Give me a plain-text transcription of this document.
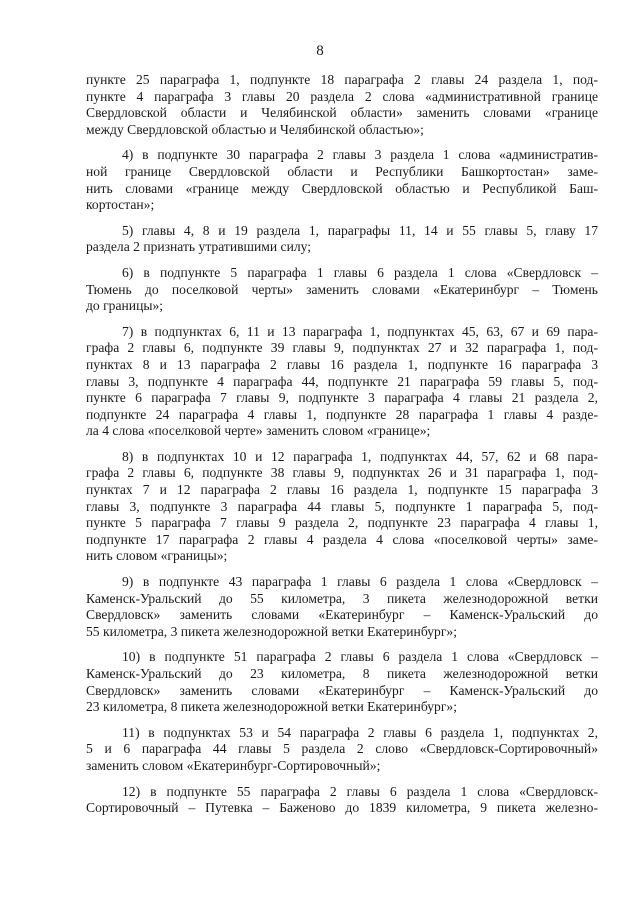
8

пункте 25 параграфа 1, подпункте 18 параграфа 2 главы 24 раздела 1, под-
пункте 4 параграфа 3 главы 20 раздела 2 слова «административной границе
Свердловской области и Челябинской области» заменить словами «границе
между Свердловской областью и Челябинской областью»;

4) в подпункте 30 параграфа 2 главы 3 раздела 1 слова «административ-
ной границе Свердловской области и Республики Башкортостан» заме-
нить словами «границе между Свердловской областью и Республикой Баш-
кортостан»;

5) главы 4, 8 и 19 раздела 1, параграфы 11, 14 и 55 главы 5, главу 17
раздела 2 признать утратившими силу;

6) в подпункте 5 параграфа 1 главы 6 раздела 1 слова «Свердловск –
Тюмень до поселковой черты» заменить словами «Екатеринбург – Тюмень
до границы»;

7) в подпунктах 6, 11 и 13 параграфа 1, подпунктах 45, 63, 67 и 69 пара-
графа 2 главы 6, подпункте 39 главы 9, подпунктах 27 и 32 параграфа 1, под-
пунктах 8 и 13 параграфа 2 главы 16 раздела 1, подпункте 16 параграфа 3
главы 3, подпункте 4 параграфа 44, подпункте 21 параграфа 59 главы 5, под-
пункте 6 параграфа 7 главы 9, подпункте 3 параграфа 4 главы 21 раздела 2,
подпункте 24 параграфа 4 главы 1, подпункте 28 параграфа 1 главы 4 разде-
ла 4 слова «поселковой черте» заменить словом «границе»;

8) в подпунктах 10 и 12 параграфа 1, подпунктах 44, 57, 62 и 68 пара-
графа 2 главы 6, подпункте 38 главы 9, подпунктах 26 и 31 параграфа 1, под-
пунктах 7 и 12 параграфа 2 главы 16 раздела 1, подпункте 15 параграфа 3
главы 3, подпункте 3 параграфа 44 главы 5, подпункте 1 параграфа 5, под-
пункте 5 параграфа 7 главы 9 раздела 2, подпункте 23 параграфа 4 главы 1,
подпункте 17 параграфа 2 главы 4 раздела 4 слова «поселковой черты» заме-
нить словом «границы»;

9) в подпункте 43 параграфа 1 главы 6 раздела 1 слова «Свердловск –
Каменск-Уральский до 55 километра, 3 пикета железнодорожной ветки
Свердловск» заменить словами «Екатеринбург – Каменск-Уральский до
55 километра, 3 пикета железнодорожной ветки Екатеринбург»;

10) в подпункте 51 параграфа 2 главы 6 раздела 1 слова «Свердловск –
Каменск-Уральский до 23 километра, 8 пикета железнодорожной ветки
Свердловск» заменить словами «Екатеринбург – Каменск-Уральский до
23 километра, 8 пикета железнодорожной ветки Екатеринбург»;

11) в подпунктах 53 и 54 параграфа 2 главы 6 раздела 1, подпунктах 2,
5 и 6 параграфа 44 главы 5 раздела 2 слово «Свердловск-Сортировочный»
заменить словом «Екатеринбург-Сортировочный»;

12) в подпункте 55 параграфа 2 главы 6 раздела 1 слова «Свердловск-
Сортировочный – Путевка – Баженово до 1839 километра, 9 пикета железно-
